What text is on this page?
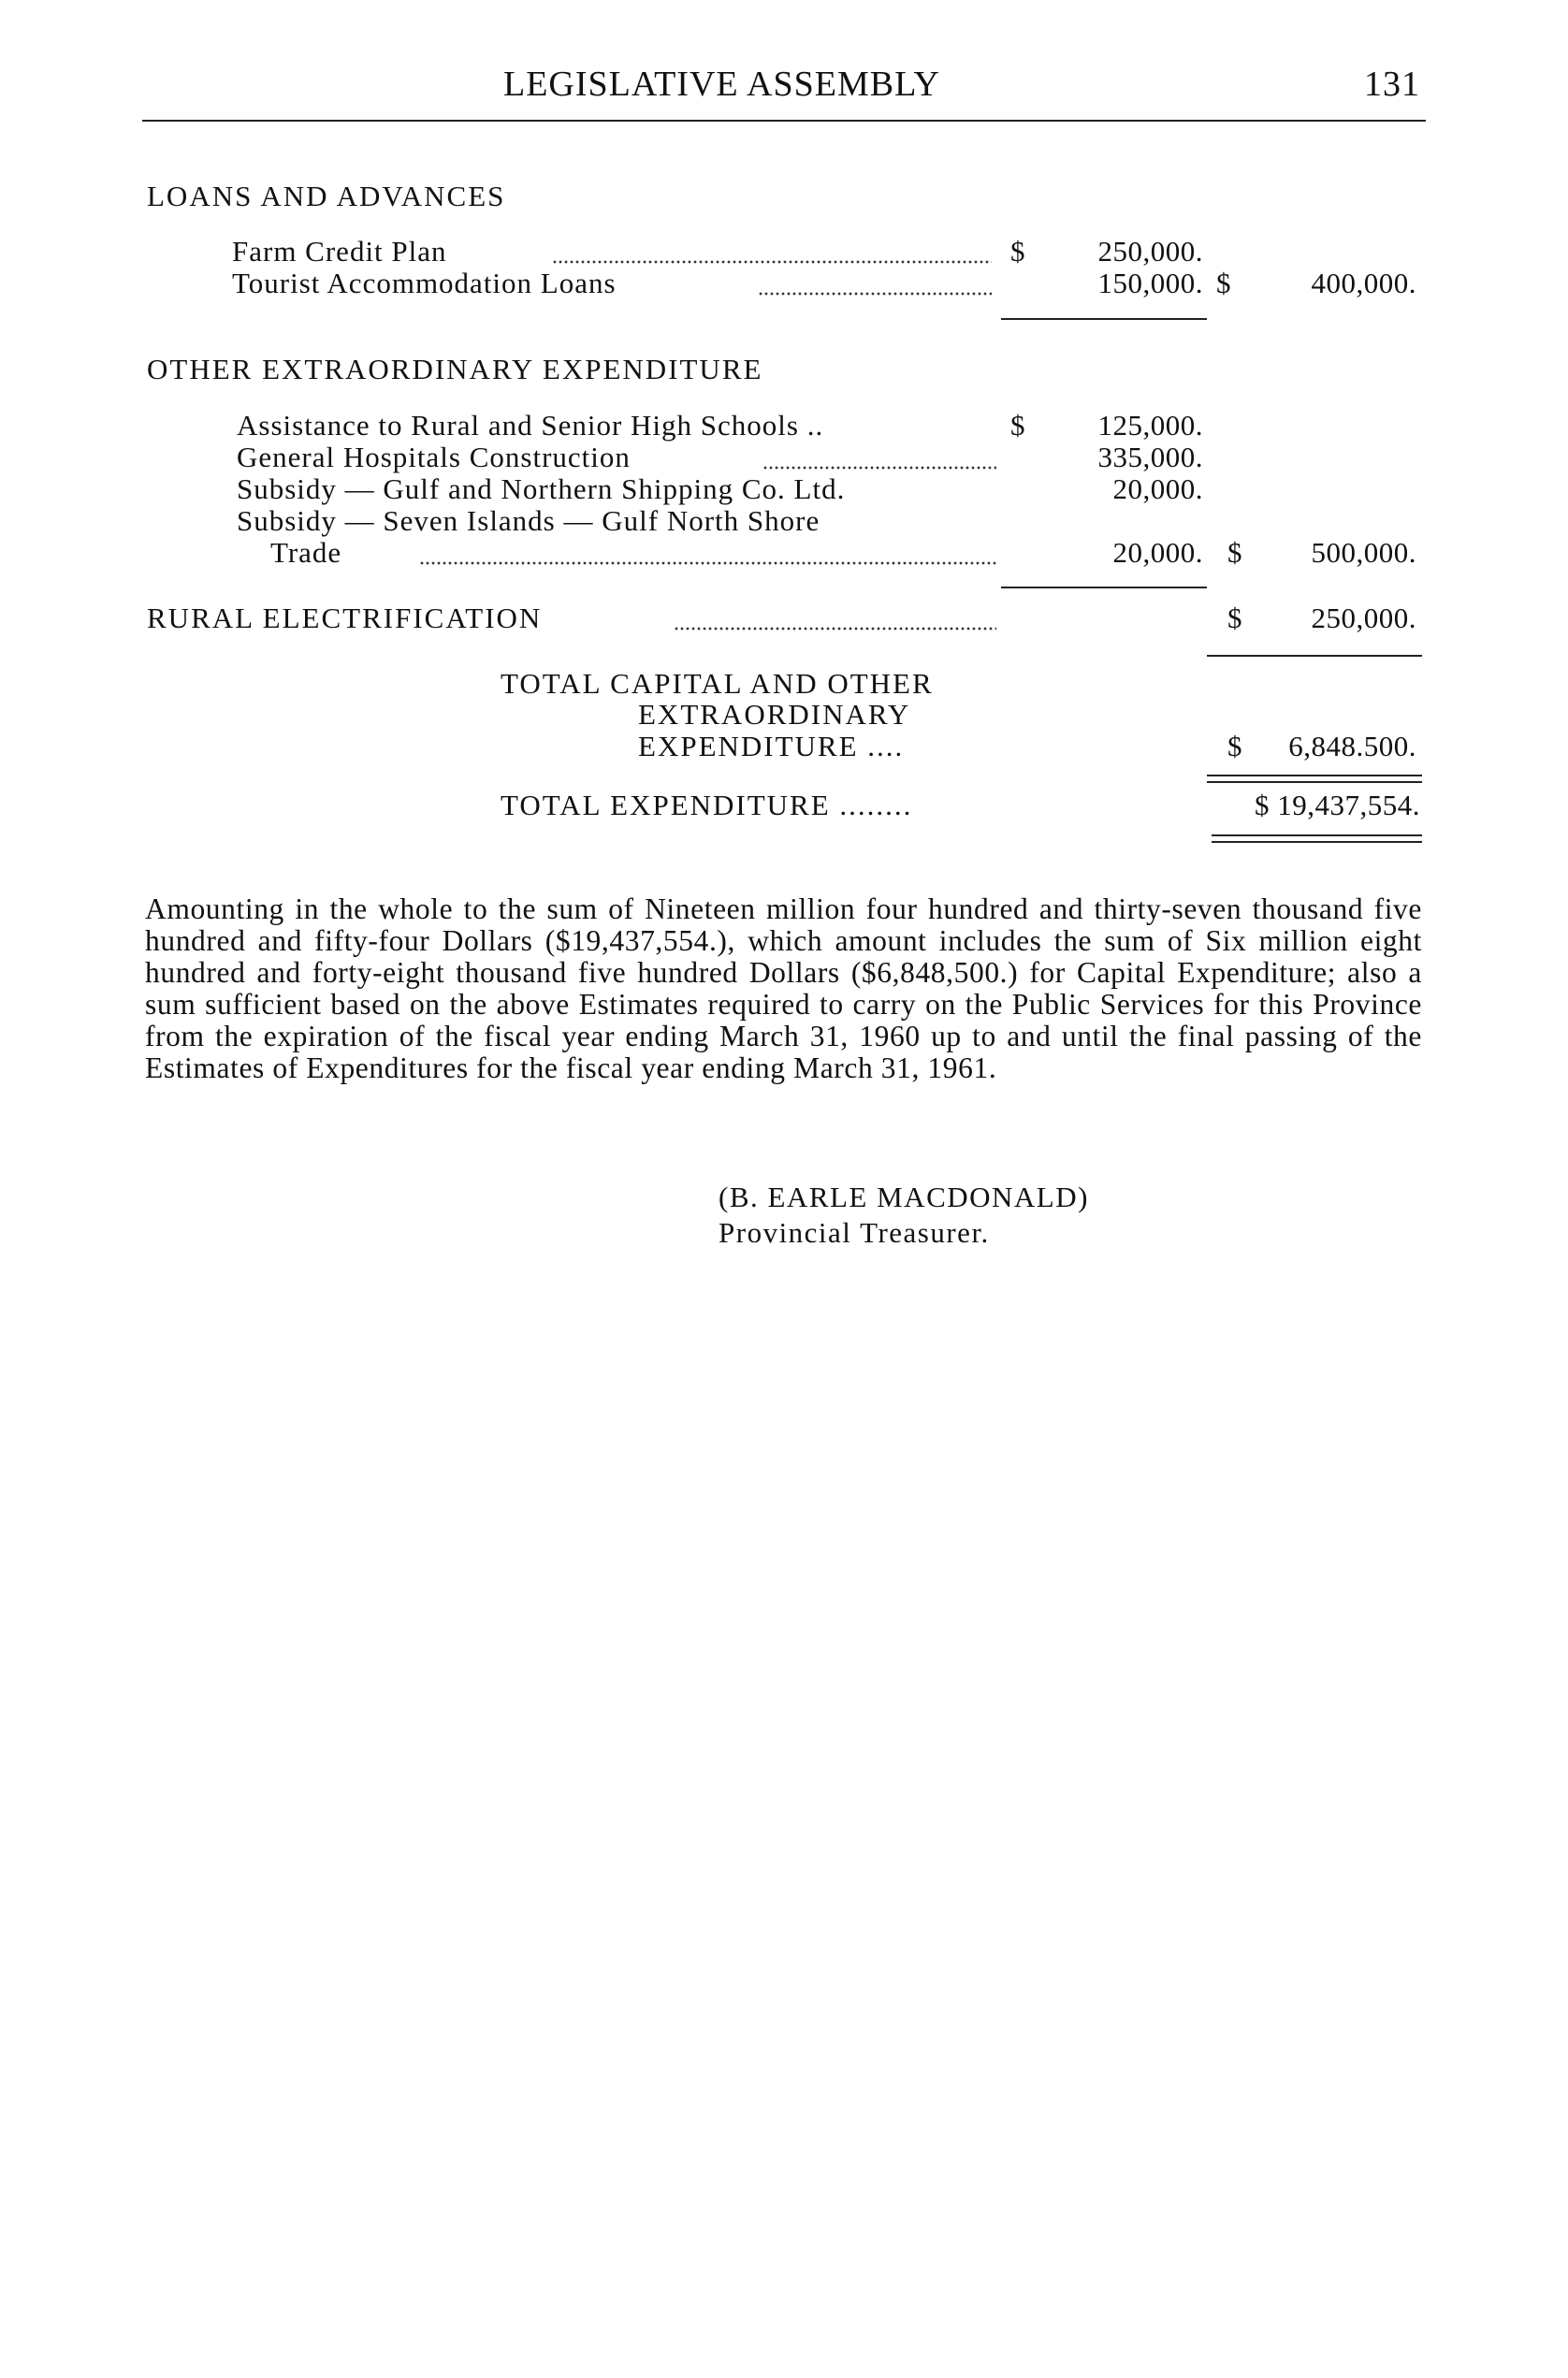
LEGISLATIVE ASSEMBLY	131
LOANS AND ADVANCES
Farm Credit Plan	$ 250,000.
Tourist Accommodation Loans	150,000. $	400,000.
OTHER EXTRAORDINARY EXPENDITURE
Assistance to Rural and Senior High Schools ..	$ 125,000.
General Hospitals Construction	335,000.
Subsidy — Gulf and Northern Shipping Co. Ltd.	20,000.
Subsidy — Seven Islands — Gulf North Shore
Trade	20,000. $ 500,000.
RURAL ELECTRIFICATION	$ 250,000.
TOTAL CAPITAL AND OTHER
EXTRAORDINARY
EXPENDITURE ....	$ 6,848.500.
TOTAL EXPENDITURE ........	$ 19,437,554.

Amounting in the whole to the sum of Nineteen million four hundred and thirty-seven thousand five hundred and fifty-four Dollars ($19,437,554.), which amount includes the sum of Six million eight hundred and forty-eight thousand five hundred Dollars ($6,848,500.) for Capital Expenditure; also a sum sufficient based on the above Estimates required to carry on the Public Services for this Province from the expiration of the fiscal year ending March 31, 1960 up to and until the final passing of the Estimates of Expenditures for the fiscal year ending March 31, 1961.

(B. EARLE MACDONALD)
Provincial Treasurer.
